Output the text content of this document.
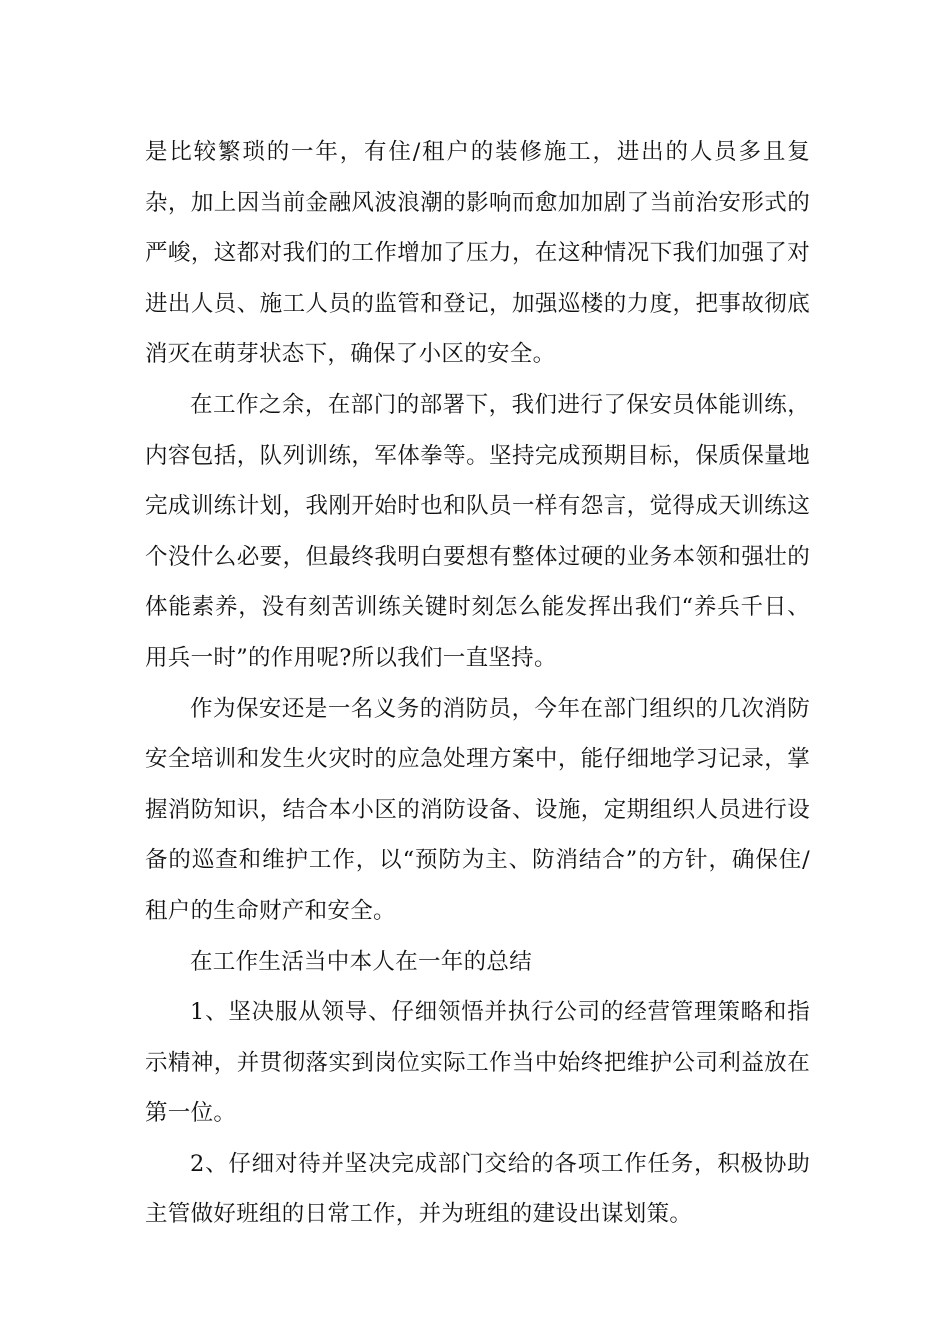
是比较繁琐的一年，有住/租户的装修施工，进出的人员多且复杂，加上因当前金融风波浪潮的影响而愈加加剧了当前治安形式的严峻，这都对我们的工作增加了压力，在这种情况下我们加强了对进出人员、施工人员的监管和登记，加强巡楼的力度，把事故彻底消灭在萌芽状态下，确保了小区的安全。

在工作之余，在部门的部署下，我们进行了保安员体能训练，内容包括，队列训练，军体拳等。坚持完成预期目标，保质保量地完成训练计划，我刚开始时也和队员一样有怨言，觉得成天训练这个没什么必要，但最终我明白要想有整体过硬的业务本领和强壮的体能素养，没有刻苦训练关键时刻怎么能发挥出我们“养兵千日、用兵一时”的作用呢?所以我们一直坚持。

作为保安还是一名义务的消防员，今年在部门组织的几次消防安全培训和发生火灾时的应急处理方案中，能仔细地学习记录，掌握消防知识，结合本小区的消防设备、设施，定期组织人员进行设备的巡查和维护工作，以“预防为主、防消结合”的方针，确保住/租户的生命财产和安全。

在工作生活当中本人在一年的总结

1、坚决服从领导、仔细领悟并执行公司的经营管理策略和指示精神，并贯彻落实到岗位实际工作当中始终把维护公司利益放在第一位。

2、仔细对待并坚决完成部门交给的各项工作任务，积极协助主管做好班组的日常工作，并为班组的建设出谋划策。
